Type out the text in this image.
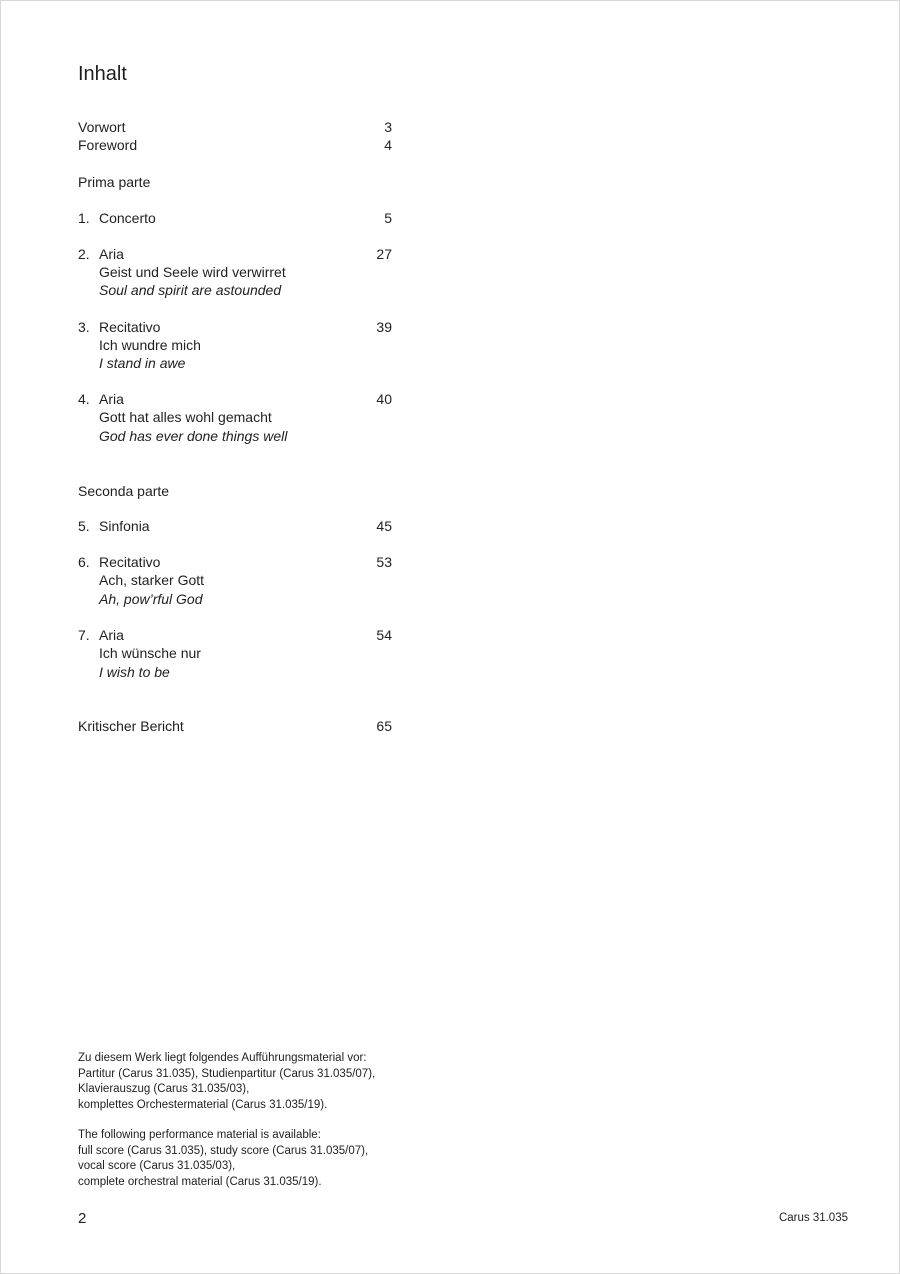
Inhalt
Vorwort	3
Foreword	4
Prima parte
1. Concerto	5
2. Aria	27
Geist und Seele wird verwirret
Soul and spirit are astounded
3. Recitativo	39
Ich wundre mich
I stand in awe
4. Aria	40
Gott hat alles wohl gemacht
God has ever done things well
Seconda parte
5. Sinfonia	45
6. Recitativo	53
Ach, starker Gott
Ah, pow’rful God
7. Aria	54
Ich wünsche nur
I wish to be
Kritischer Bericht	65
Zu diesem Werk liegt folgendes Aufführungsmaterial vor:
Partitur (Carus 31.035), Studienpartitur (Carus 31.035/07),
Klavierauszug (Carus 31.035/03),
komplettes Orchestermaterial (Carus 31.035/19).
The following performance material is available:
full score (Carus 31.035), study score (Carus 31.035/07),
vocal score (Carus 31.035/03),
complete orchestral material (Carus 31.035/19).
2	Carus 31.035
